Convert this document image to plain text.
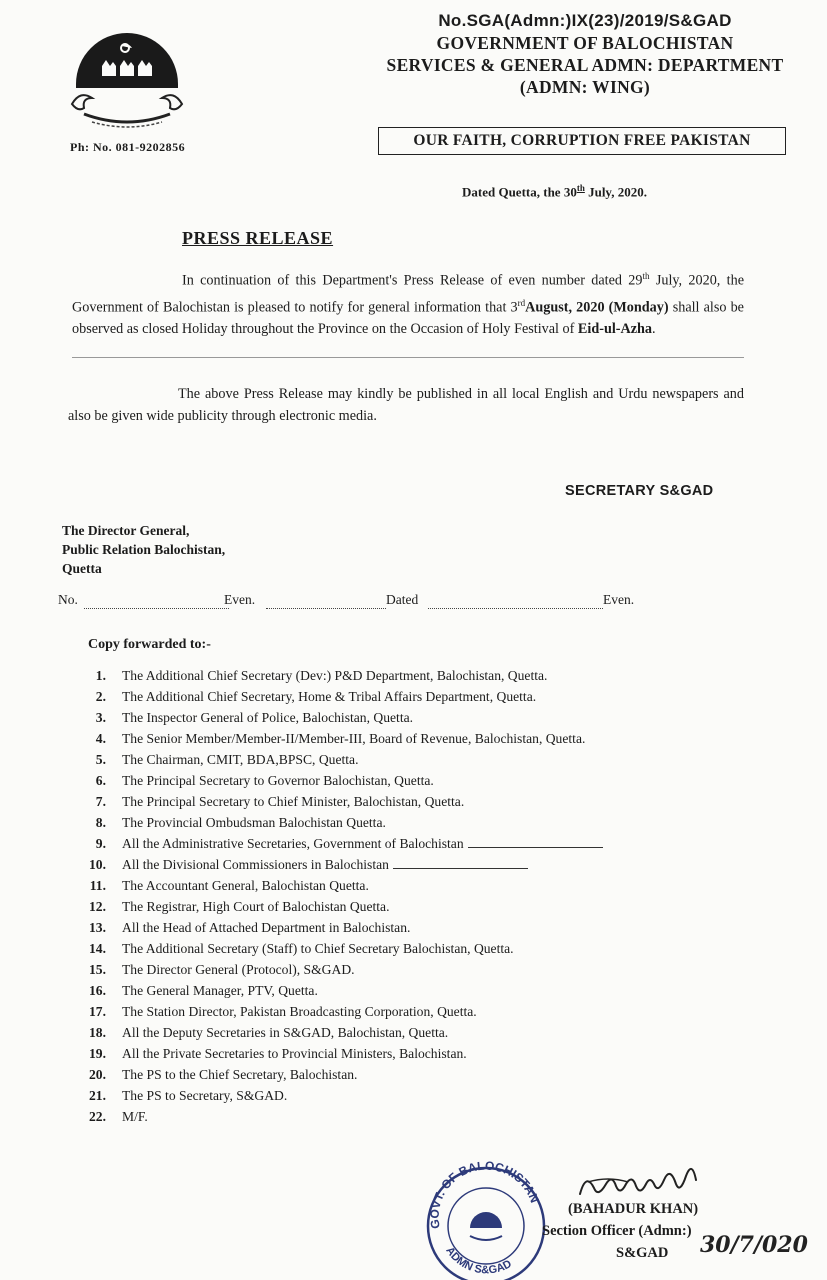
Ph: No. 081-9202856
No.SGA(Admn:)IX(23)/2019/S&GAD
GOVERNMENT OF BALOCHISTAN
SERVICES & GENERAL ADMN: DEPARTMENT
(ADMN: WING)
OUR FAITH, CORRUPTION FREE PAKISTAN
Dated Quetta, the 30th July, 2020.
PRESS RELEASE
In continuation of this Department's Press Release of even number dated 29th July, 2020, the Government of Balochistan is pleased to notify for general information that 3rdAugust, 2020 (Monday) shall also be observed as closed Holiday throughout the Province on the Occasion of Holy Festival of Eid-ul-Azha.
The above Press Release may kindly be published in all local English and Urdu newspapers and also be given wide publicity through electronic media.
SECRETARY S&GAD
The Director General,
Public Relation Balochistan,
Quetta
No.	Even.	Dated	Even.
Copy forwarded to:-
1. The Additional Chief Secretary (Dev:) P&D Department, Balochistan, Quetta.
2. The Additional Chief Secretary, Home & Tribal Affairs Department, Quetta.
3. The Inspector General of Police, Balochistan, Quetta.
4. The Senior Member/Member-II/Member-III, Board of Revenue, Balochistan, Quetta.
5. The Chairman, CMIT, BDA,BPSC, Quetta.
6. The Principal Secretary to Governor Balochistan, Quetta.
7. The Principal Secretary to Chief Minister, Balochistan, Quetta.
8. The Provincial Ombudsman Balochistan Quetta.
9. All the Administrative Secretaries, Government of Balochistan
10. All the Divisional Commissioners in Balochistan
11. The Accountant General, Balochistan Quetta.
12. The Registrar, High Court of Balochistan Quetta.
13. All the Head of Attached Department in Balochistan.
14. The Additional Secretary (Staff) to Chief Secretary Balochistan, Quetta.
15. The Director General (Protocol), S&GAD.
16. The General Manager, PTV, Quetta.
17. The Station Director, Pakistan Broadcasting Corporation, Quetta.
18. All the Deputy Secretaries in S&GAD, Balochistan, Quetta.
19. All the Private Secretaries to Provincial Ministers, Balochistan.
20. The PS to the Chief Secretary, Balochistan.
21. The PS to Secretary, S&GAD.
22. M/F.
GOVT. OF BALOCHISTAN
ADMN S&GAD
(BAHADUR KHAN)
Section Officer (Admn:)
S&GAD	30/7/020
